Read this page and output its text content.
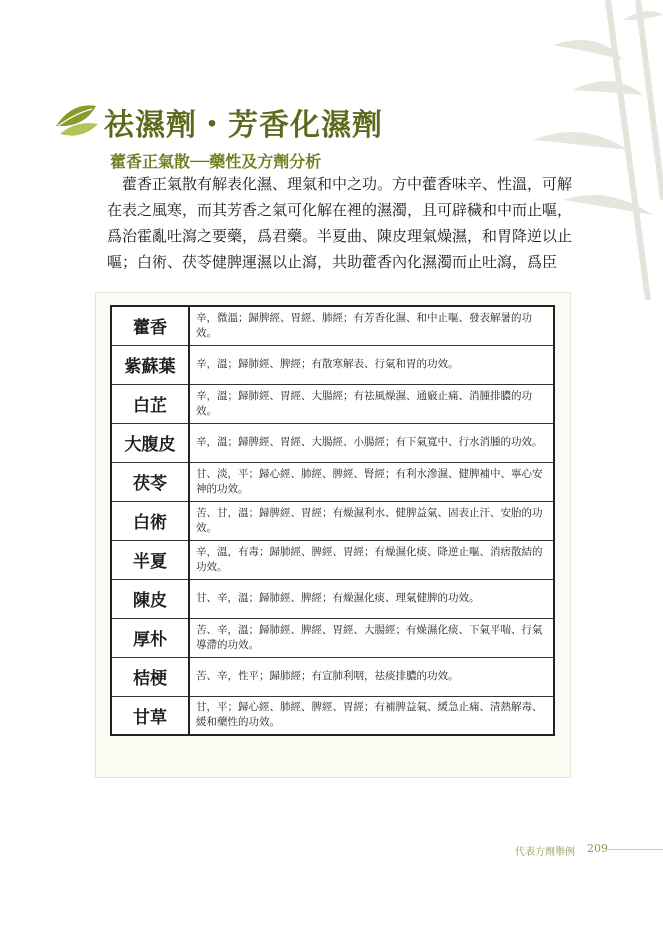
祛濕劑・芳香化濕劑
藿香正氣散──藥性及方劑分析
　藿香正氣散有解表化濕、理氣和中之功。方中藿香味辛、性溫，可解
在表之風寒，而其芳香之氣可化解在裡的濕濁，且可辟穢和中而止嘔，
爲治霍亂吐瀉之要藥，爲君藥。半夏曲、陳皮理氣燥濕，和胃降逆以止
嘔；白術、茯苓健脾運濕以止瀉，共助藿香內化濕濁而止吐瀉，爲臣
藿香	辛，微溫；歸脾經、胃經、肺經；有芳香化濕、和中止嘔、發表解暑的功效。
紫蘇葉	辛，溫；歸肺經、脾經；有散寒解表、行氣和胃的功效。
白芷	辛，溫；歸肺經、胃經、大腸經；有祛風燥濕、通竅止痛、消腫排膿的功效。
大腹皮	辛，溫；歸脾經、胃經、大腸經、小腸經；有下氣寬中、行水消腫的功效。
茯苓	甘、淡，平；歸心經、肺經、脾經、腎經；有利水滲濕、健脾補中、寧心安神的功效。
白術	苦、甘，溫；歸脾經、胃經；有燥濕利水、健脾益氣、固表止汗、安胎的功效。
半夏	辛，溫，有毒；歸肺經、脾經、胃經；有燥濕化痰、降逆止嘔、消痞散結的功效。
陳皮	甘、辛，溫；歸肺經、脾經；有燥濕化痰、理氣健脾的功效。
厚朴	苦、辛，溫；歸肺經、脾經、胃經、大腸經；有燥濕化痰、下氣平喘、行氣導滯的功效。
桔梗	苦、辛，性平；歸肺經；有宣肺利咽，祛痰排膿的功效。
甘草	甘，平；歸心經、肺經、脾經、胃經；有補脾益氣、緩急止痛、清熱解毒、緩和藥性的功效。
代表方劑舉例 209
